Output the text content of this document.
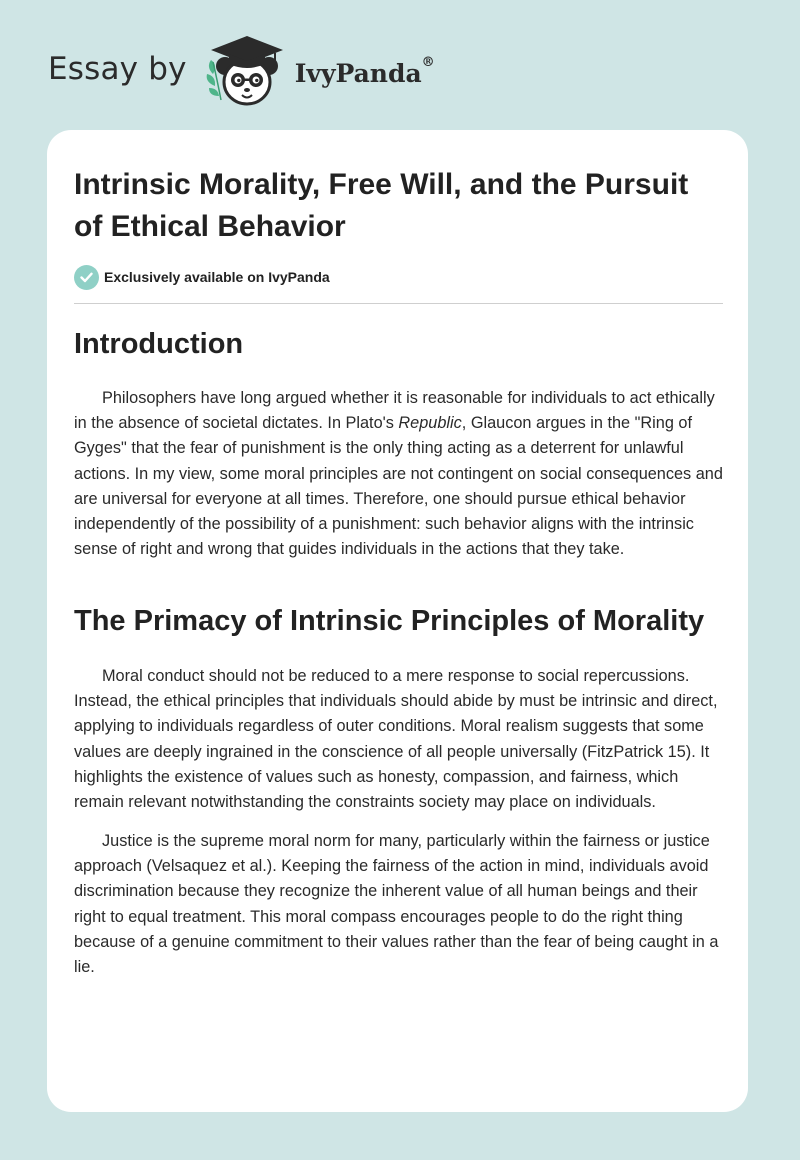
Essay by	IvyPanda®
Intrinsic Morality, Free Will, and the Pursuit of Ethical Behavior
Exclusively available on IvyPanda
Introduction

Philosophers have long argued whether it is reasonable for individuals to act ethically in the absence of societal dictates. In Plato's Republic, Glaucon argues in the "Ring of Gyges" that the fear of punishment is the only thing acting as a deterrent for unlawful actions. In my view, some moral principles are not contingent on social consequences and are universal for everyone at all times. Therefore, one should pursue ethical behavior independently of the possibility of a punishment: such behavior aligns with the intrinsic sense of right and wrong that guides individuals in the actions that they take.

The Primacy of Intrinsic Principles of Morality

Moral conduct should not be reduced to a mere response to social repercussions. Instead, the ethical principles that individuals should abide by must be intrinsic and direct, applying to individuals regardless of outer conditions. Moral realism suggests that some values are deeply ingrained in the conscience of all people universally (FitzPatrick 15). It highlights the existence of values such as honesty, compassion, and fairness, which remain relevant notwithstanding the constraints society may place on individuals.

Justice is the supreme moral norm for many, particularly within the fairness or justice approach (Velsaquez et al.). Keeping the fairness of the action in mind, individuals avoid discrimination because they recognize the inherent value of all human beings and their right to equal treatment. This moral compass encourages people to do the right thing because of a genuine commitment to their values rather than the fear of being caught in a lie.
